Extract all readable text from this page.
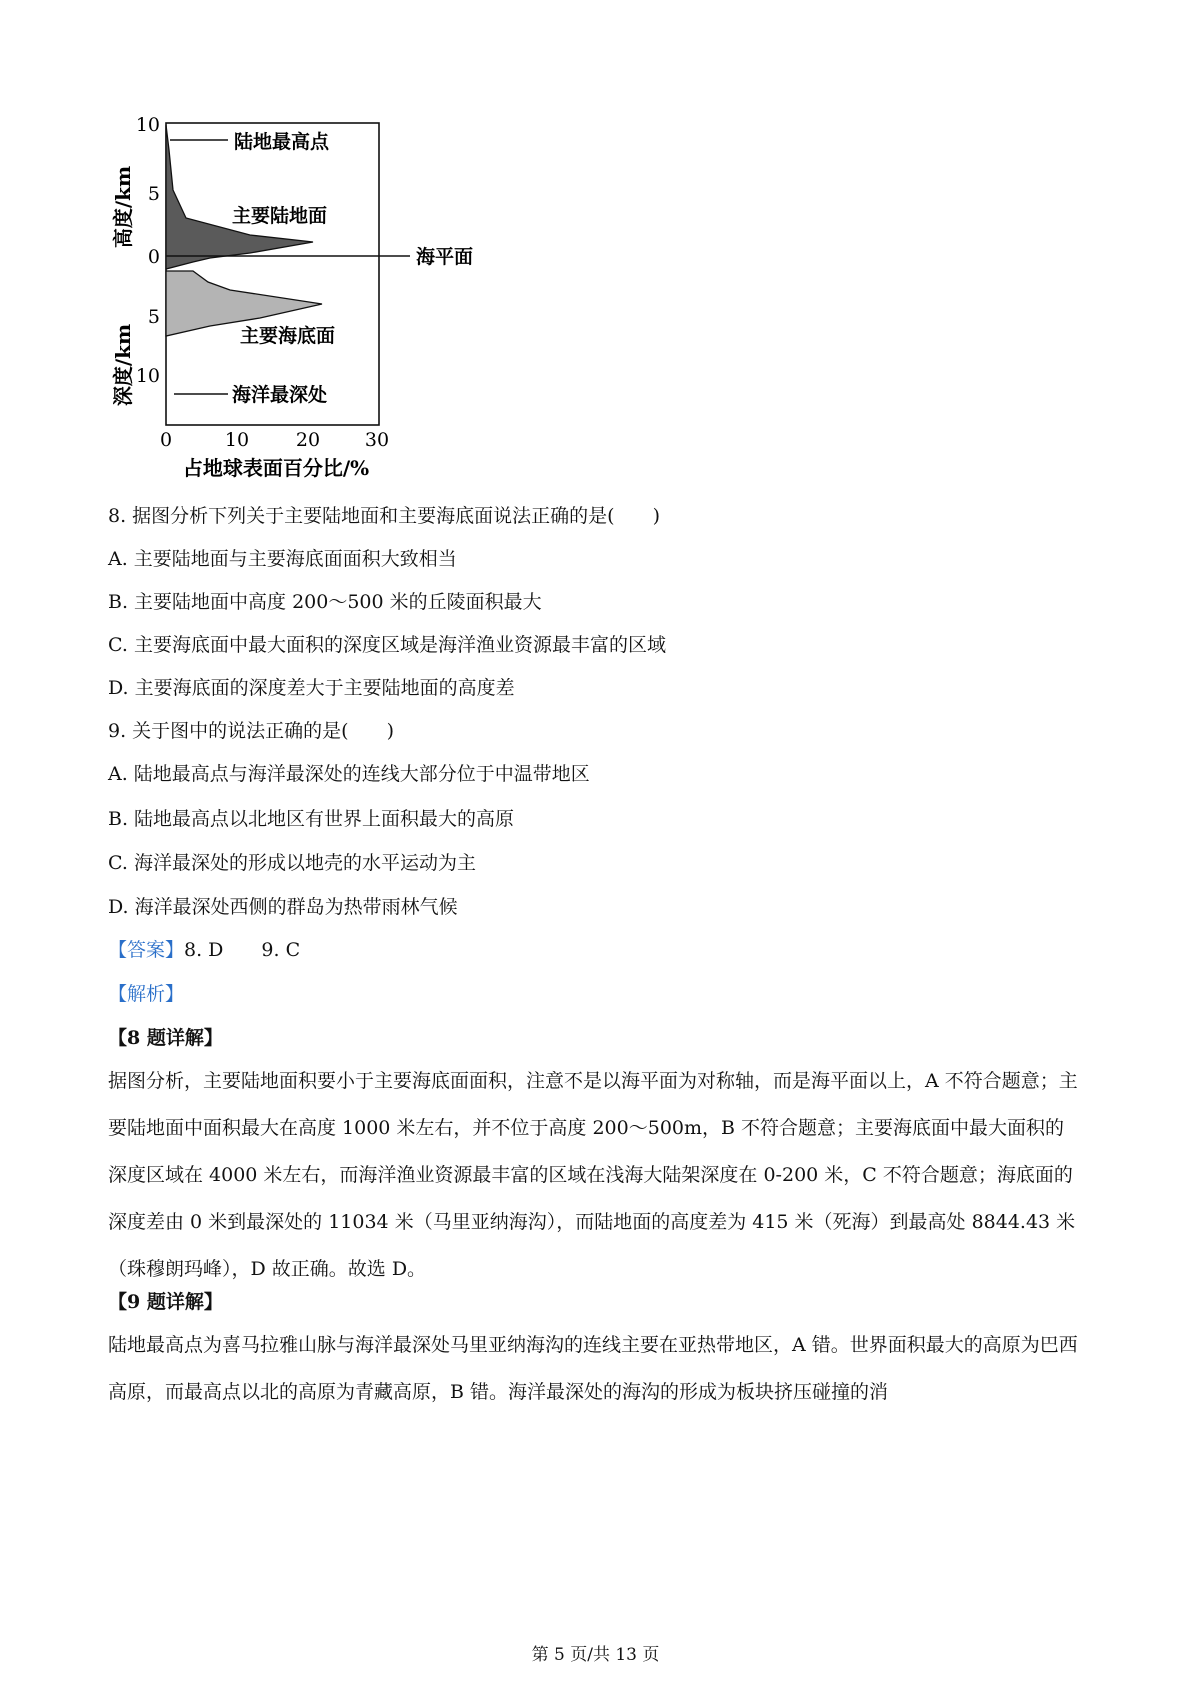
陆地最高点
主要陆地面
海平面
主要海底面
海洋最深处
10
5
0
5
10
0	10 20 30
高度/km
深度/km
占地球表面百分比/%
8. 据图分析下列关于主要陆地面和主要海底面说法正确的是(　　)
A. 主要陆地面与主要海底面面积大致相当
B. 主要陆地面中高度 200～500 米的丘陵面积最大
C. 主要海底面中最大面积的深度区域是海洋渔业资源最丰富的区域
D. 主要海底面的深度差大于主要陆地面的高度差
9. 关于图中的说法正确的是(　　)
A. 陆地最高点与海洋最深处的连线大部分位于中温带地区
B. 陆地最高点以北地区有世界上面积最大的高原
C. 海洋最深处的形成以地壳的水平运动为主
D. 海洋最深处西侧的群岛为热带雨林气候
【答案】8. D　　9. C
【解析】
【8 题详解】
据图分析，主要陆地面积要小于主要海底面面积，注意不是以海平面为对称轴，而是海平面以上，A 不符合题意；主要陆地面中面积最大在高度 1000 米左右，并不位于高度 200～500m，B 不符合题意；主要海底面中最大面积的深度区域在 4000 米左右，而海洋渔业资源最丰富的区域在浅海大陆架深度在 0-200 米，C 不符合题意；海底面的深度差由 0 米到最深处的 11034 米（马里亚纳海沟），而陆地面的高度差为 415 米（死海）到最高处 8844.43 米（珠穆朗玛峰），D 故正确。故选 D。
【9 题详解】
陆地最高点为喜马拉雅山脉与海洋最深处马里亚纳海沟的连线主要在亚热带地区，A 错。世界面积最大的高原为巴西高原，而最高点以北的高原为青藏高原，B 错。海洋最深处的海沟的形成为板块挤压碰撞的消
第 5 页/共 13 页
